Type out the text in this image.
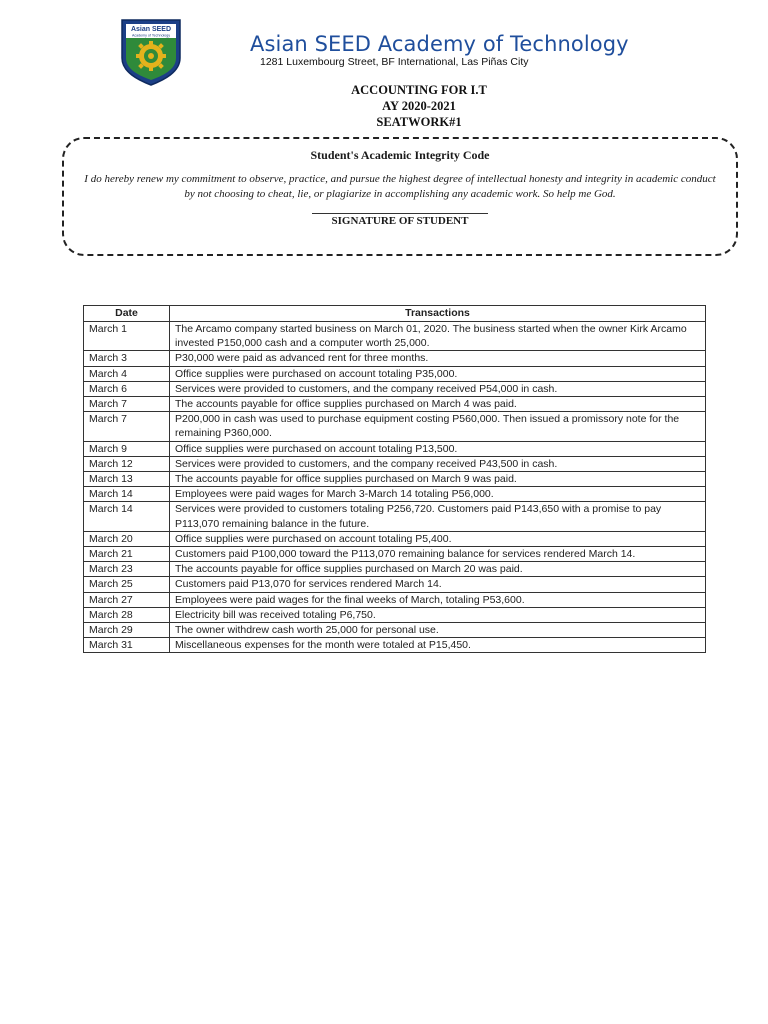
Asian SEED
Academy of Technology	Asian SEED Academy of Technology
1281 Luxembourg Street, BF International, Las Piñas City
ACCOUNTING FOR I.T
AY 2020-2021
SEATWORK#1
Student's Academic Integrity Code
I do hereby renew my commitment to observe, practice, and pursue the highest degree of intellectual honesty and integrity in academic conduct by not choosing to cheat, lie, or plagiarize in accomplishing any academic work. So help me God.
SIGNATURE OF STUDENT
Date	Transactions
March 1	The Arcamo company started business on March 01, 2020. The business started when the owner Kirk Arcamo invested P150,000 cash and a computer worth 25,000.
March 3	P30,000 were paid as advanced rent for three months.
March 4	Office supplies were purchased on account totaling P35,000.
March 6	Services were provided to customers, and the company received P54,000 in cash.
March 7	The accounts payable for office supplies purchased on March 4 was paid.
March 7	P200,000 in cash was used to purchase equipment costing P560,000. Then issued a promissory note for the remaining P360,000.
March 9	Office supplies were purchased on account totaling P13,500.
March 12	Services were provided to customers, and the company received P43,500 in cash.
March 13	The accounts payable for office supplies purchased on March 9 was paid.
March 14	Employees were paid wages for March 3-March 14 totaling P56,000.
March 14	Services were provided to customers totaling P256,720. Customers paid P143,650 with a promise to pay P113,070 remaining balance in the future.
March 20	Office supplies were purchased on account totaling P5,400.
March 21	Customers paid P100,000 toward the P113,070 remaining balance for services rendered March 14.
March 23	The accounts payable for office supplies purchased on March 20 was paid.
March 25	Customers paid P13,070 for services rendered March 14.
March 27	Employees were paid wages for the final weeks of March, totaling P53,600.
March 28	Electricity bill was received totaling P6,750.
March 29	The owner withdrew cash worth 25,000 for personal use.
March 31	Miscellaneous expenses for the month were totaled at P15,450.
